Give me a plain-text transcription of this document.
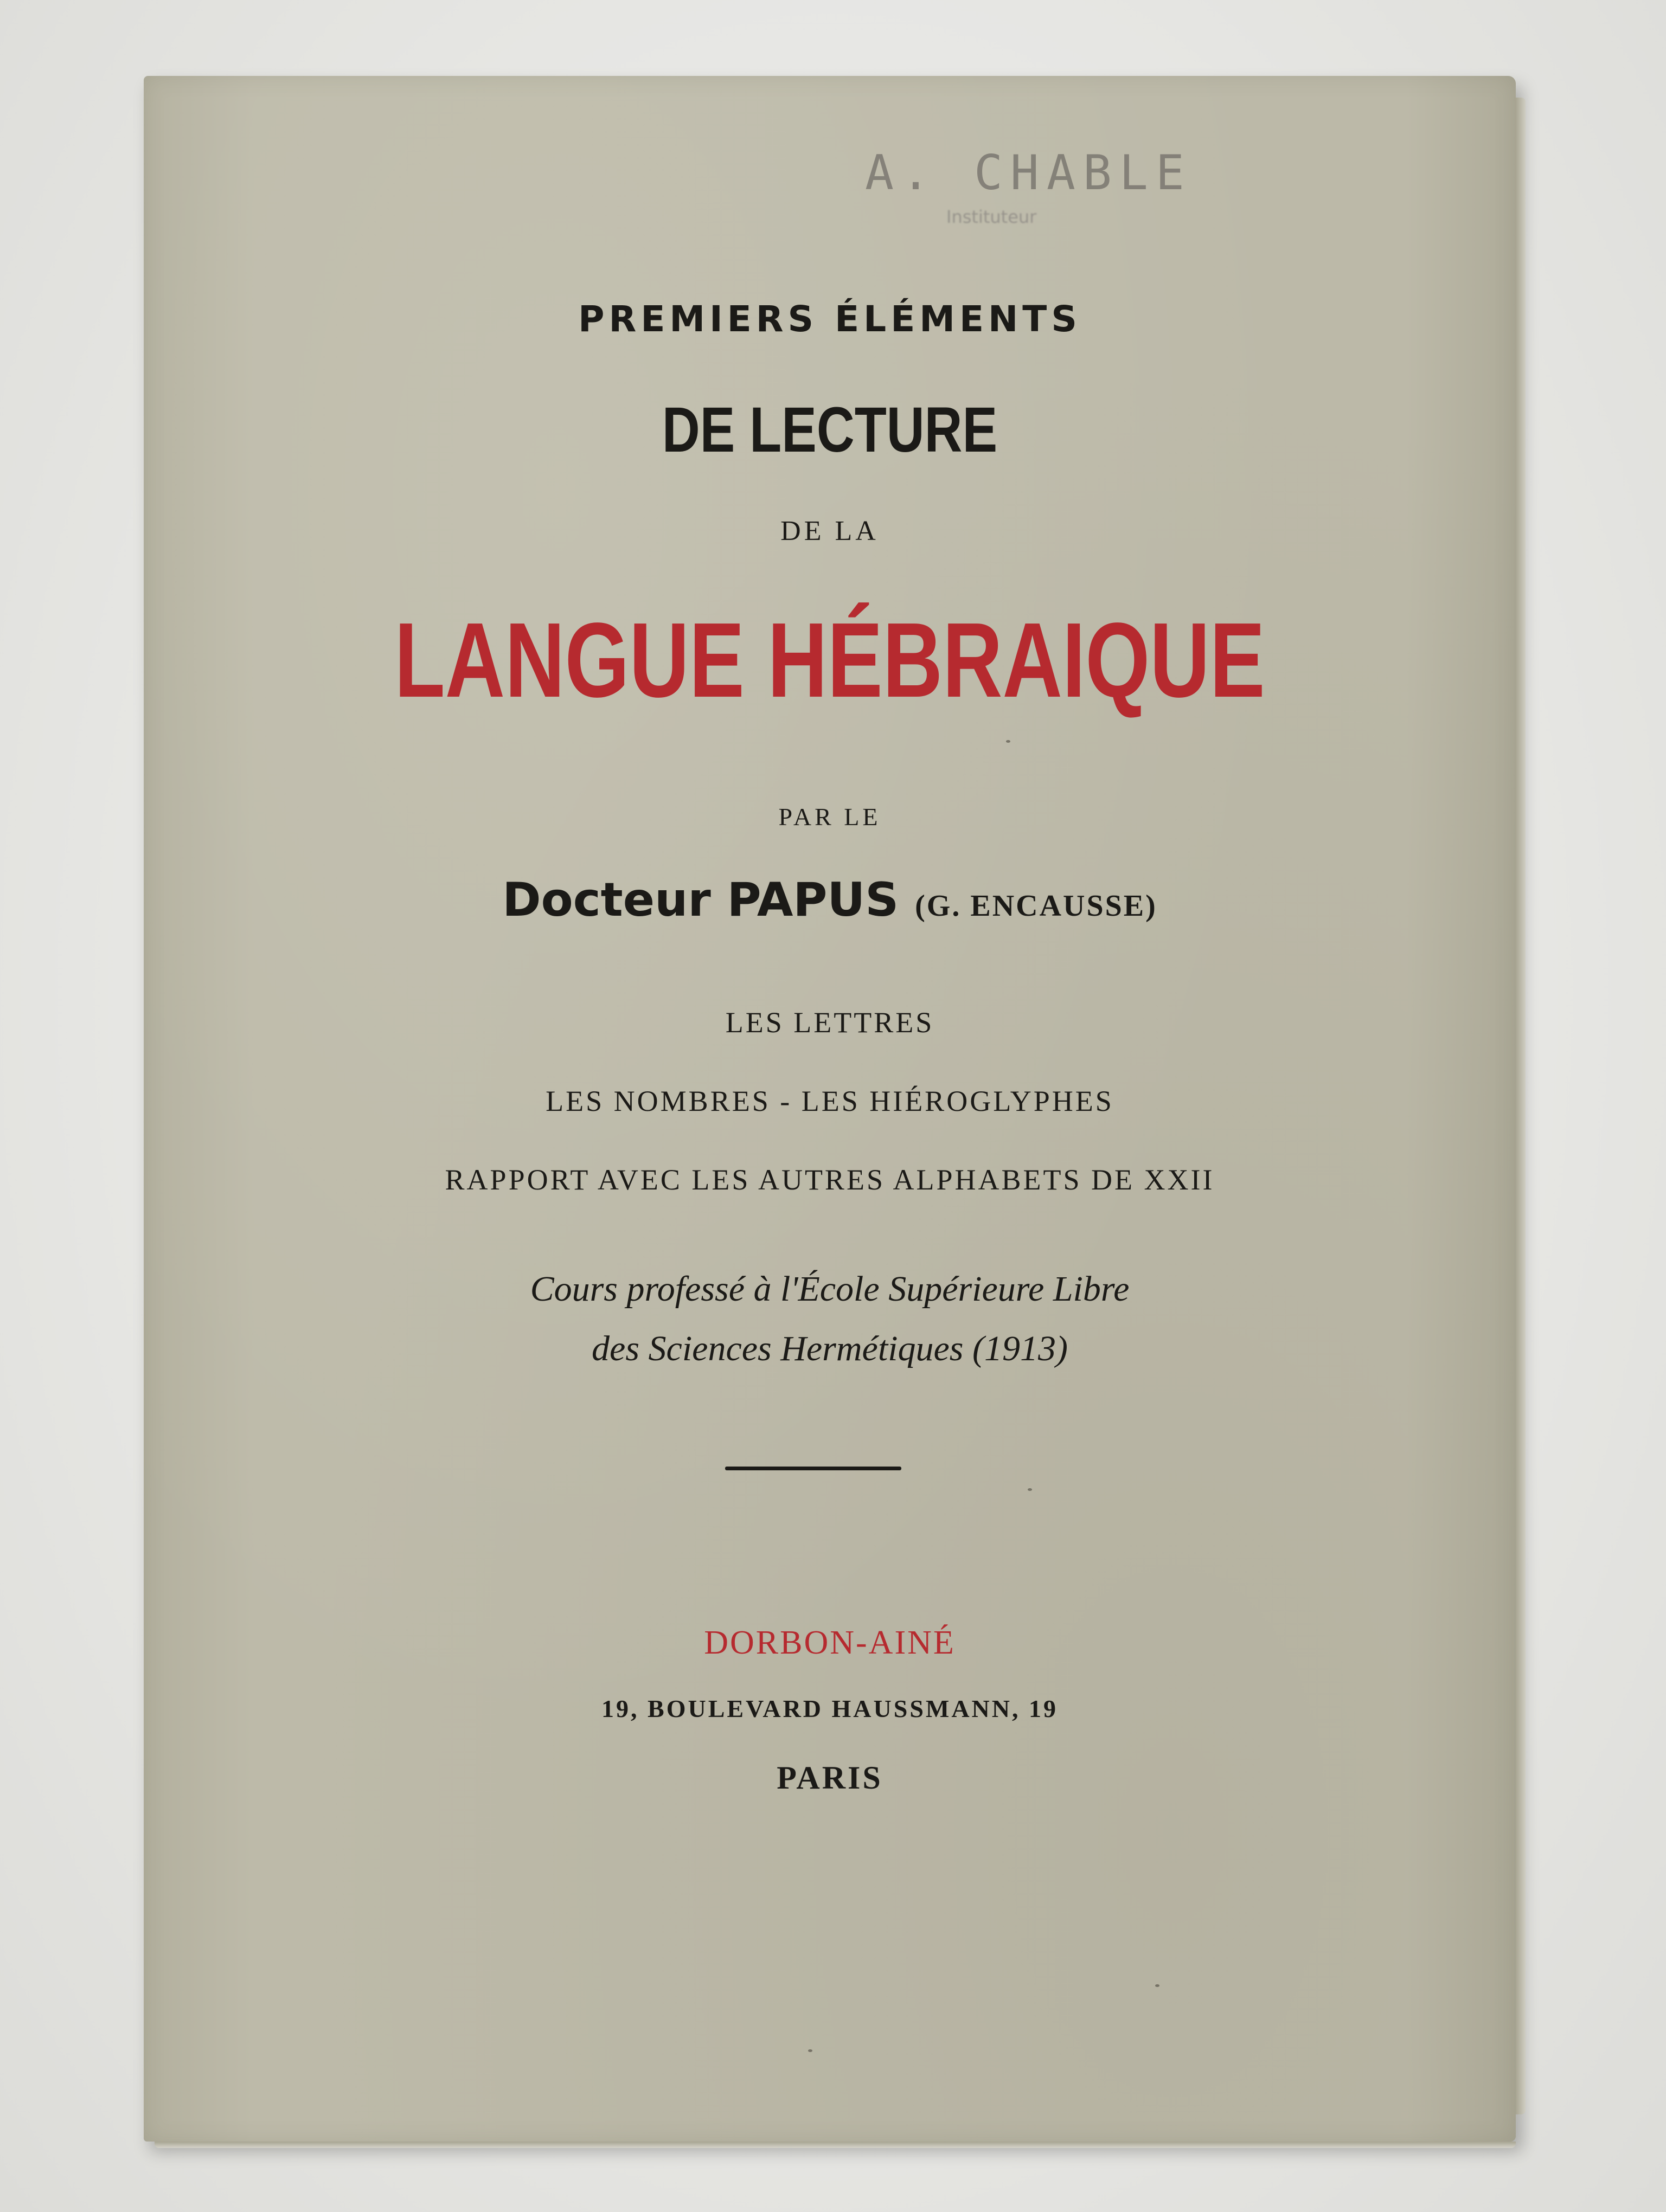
A. CHABLE
Instituteur
PREMIERS ÉLÉMENTS
DE LECTURE
DE LA
LANGUE HÉBRAIQUE
PAR LE
Docteur PAPUS (G. ENCAUSSE)
LES LETTRES
LES NOMBRES - LES HIÉROGLYPHES
RAPPORT AVEC LES AUTRES ALPHABETS DE XXII
Cours professé à l'École Supérieure Libre
des Sciences Hermétiques (1913)
DORBON-AINÉ
19, BOULEVARD HAUSSMANN, 19
PARIS
